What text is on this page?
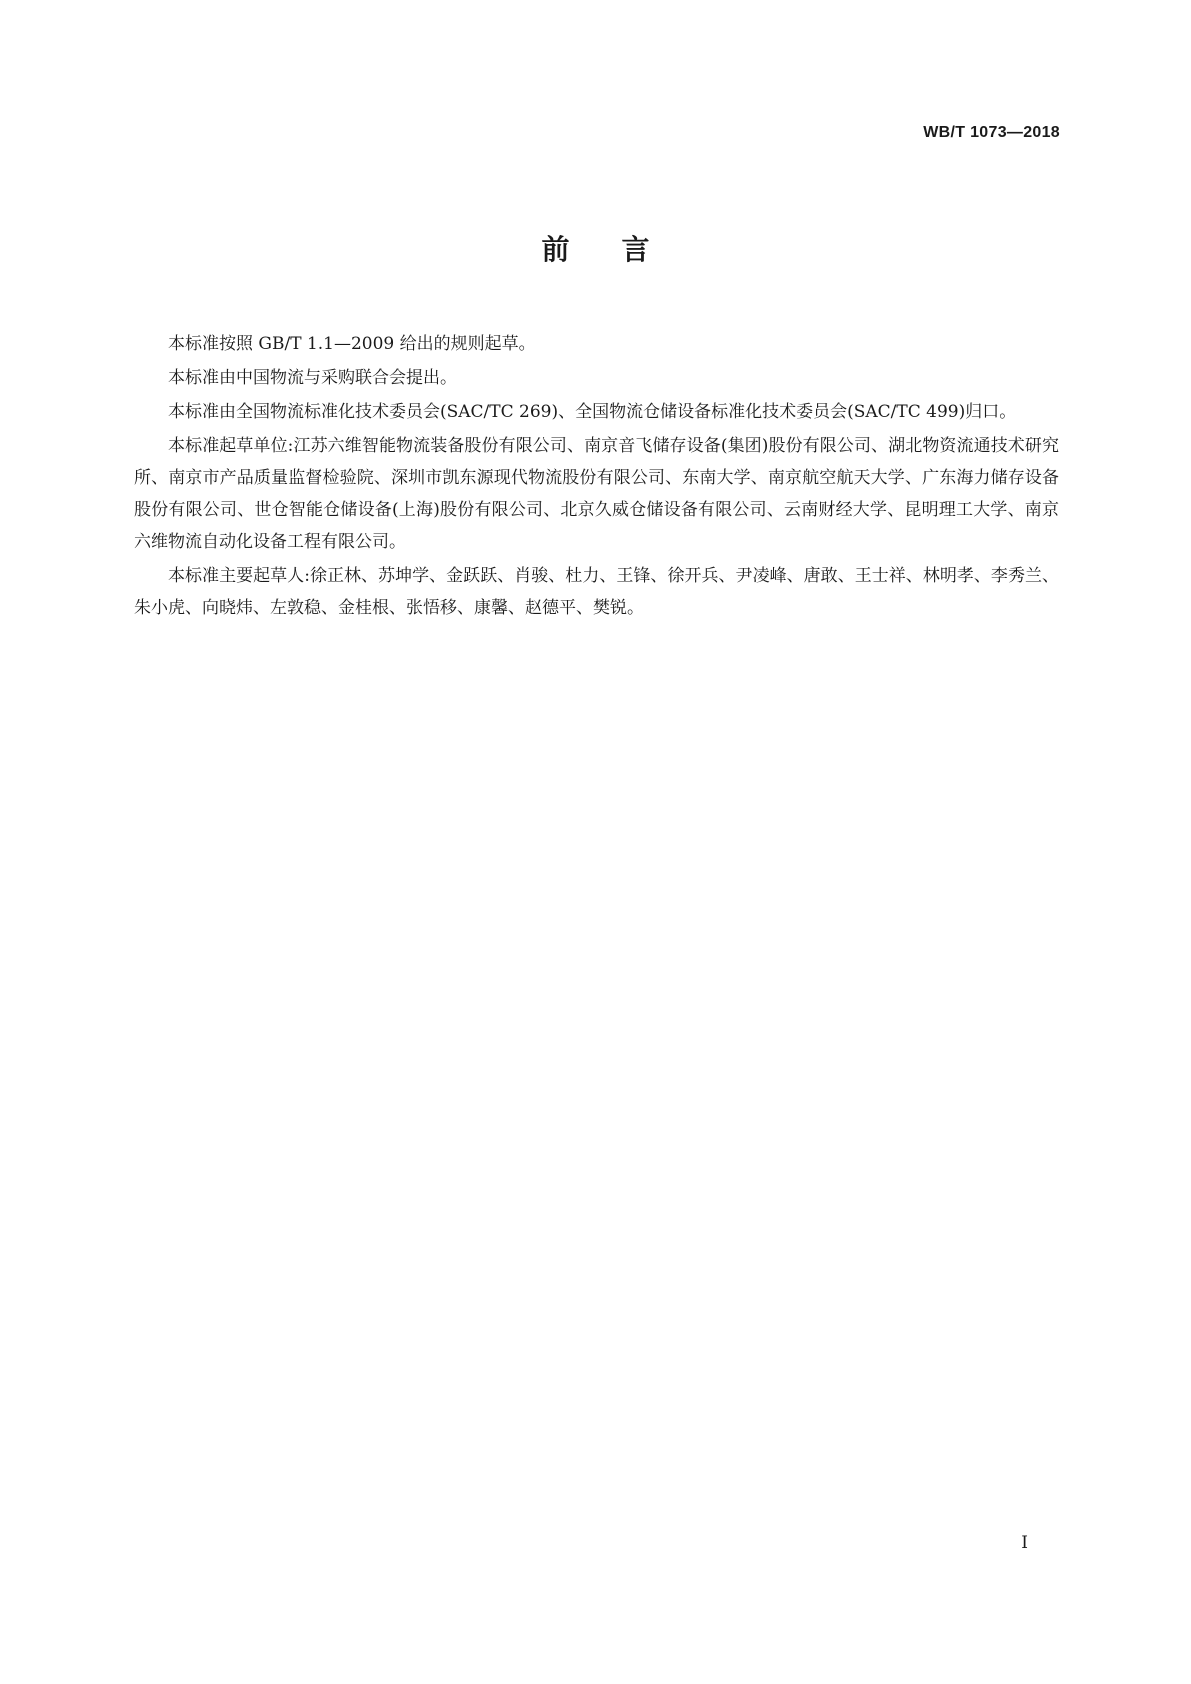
WB/T 1073—2018
前言

本标准按照 GB/T 1.1—2009 给出的规则起草。

本标准由中国物流与采购联合会提出。

本标准由全国物流标准化技术委员会(SAC/TC 269)、全国物流仓储设备标准化技术委员会(SAC/TC 499)归口。

本标准起草单位:江苏六维智能物流装备股份有限公司、南京音飞储存设备(集团)股份有限公司、湖北物资流通技术研究所、南京市产品质量监督检验院、深圳市凯东源现代物流股份有限公司、东南大学、南京航空航天大学、广东海力储存设备股份有限公司、世仓智能仓储设备(上海)股份有限公司、北京久威仓储设备有限公司、云南财经大学、昆明理工大学、南京六维物流自动化设备工程有限公司。

本标准主要起草人:徐正林、苏坤学、金跃跃、肖骏、杜力、王锋、徐开兵、尹凌峰、唐敢、王士祥、林明孝、李秀兰、朱小虎、向晓炜、左敦稳、金桂根、张悟移、康馨、赵德平、樊锐。

I
